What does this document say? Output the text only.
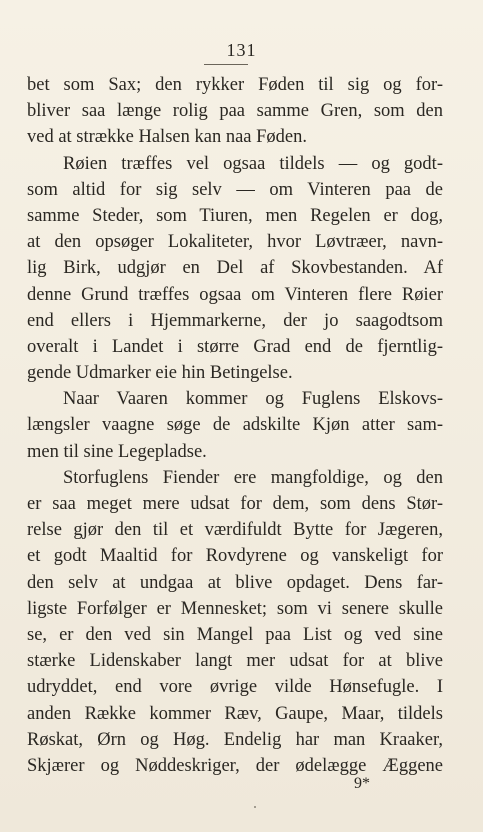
131
bet som Sax; den rykker Føden til sig og for-
bliver saa længe rolig paa samme Gren, som den
ved at strække Halsen kan naa Føden.
Røien træffes vel ogsaa tildels — og godt-
som altid for sig selv — om Vinteren paa de
samme Steder, som Tiuren, men Regelen er dog,
at den opsøger Lokaliteter, hvor Løvtræer, navn-
lig Birk, udgjør en Del af Skovbestanden. Af
denne Grund træffes ogsaa om Vinteren flere Røier
end ellers i Hjemmarkerne, der jo saagodtsom
overalt i Landet i større Grad end de fjerntlig-
gende Udmarker eie hin Betingelse.
Naar Vaaren kommer og Fuglens Elskovs-
længsler vaagne søge de adskilte Kjøn atter sam-
men til sine Legepladse.
Storfuglens Fiender ere mangfoldige, og den
er saa meget mere udsat for dem, som dens Stør-
relse gjør den til et værdifuldt Bytte for Jægeren,
et godt Maaltid for Rovdyrene og vanskeligt for
den selv at undgaa at blive opdaget. Dens far-
ligste Forfølger er Mennesket; som vi senere skulle
se, er den ved sin Mangel paa List og ved sine
stærke Lidenskaber langt mer udsat for at blive
udryddet, end vore øvrige vilde Hønsefugle. I
anden Række kommer Ræv, Gaupe, Maar, tildels
Røskat, Ørn og Høg. Endelig har man Kraaker,
Skjærer og Nøddeskriger, der ødelægge Æggene
9*
